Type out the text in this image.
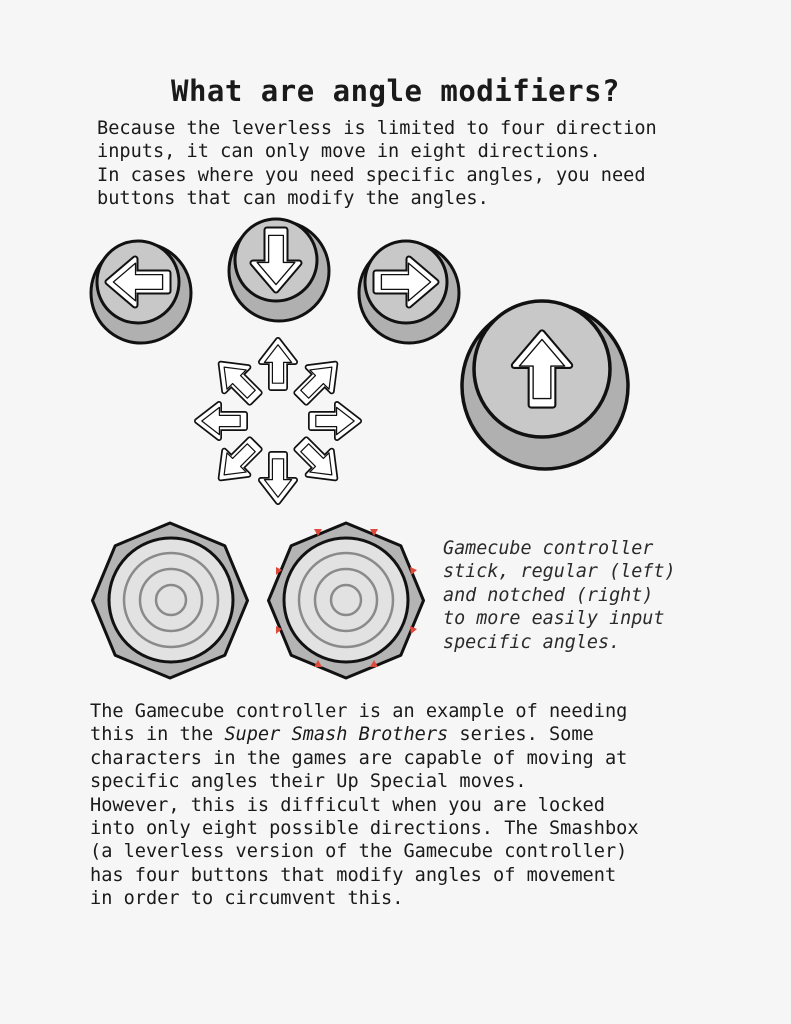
What are angle modifiers?

Because the leverless is limited to four direction
inputs, it can only move in eight directions.
In cases where you need specific angles, you need
buttons that can modify the angles.

Gamecube controller
stick, regular (left)
and notched (right)
to more easily input
specific angles.

The Gamecube controller is an example of needing
this in the Super Smash Brothers series. Some
characters in the games are capable of moving at
specific angles their Up Special moves.
However, this is difficult when you are locked
into only eight possible directions. The Smashbox
(a leverless version of the Gamecube controller)
has four buttons that modify angles of movement
in order to circumvent this.
